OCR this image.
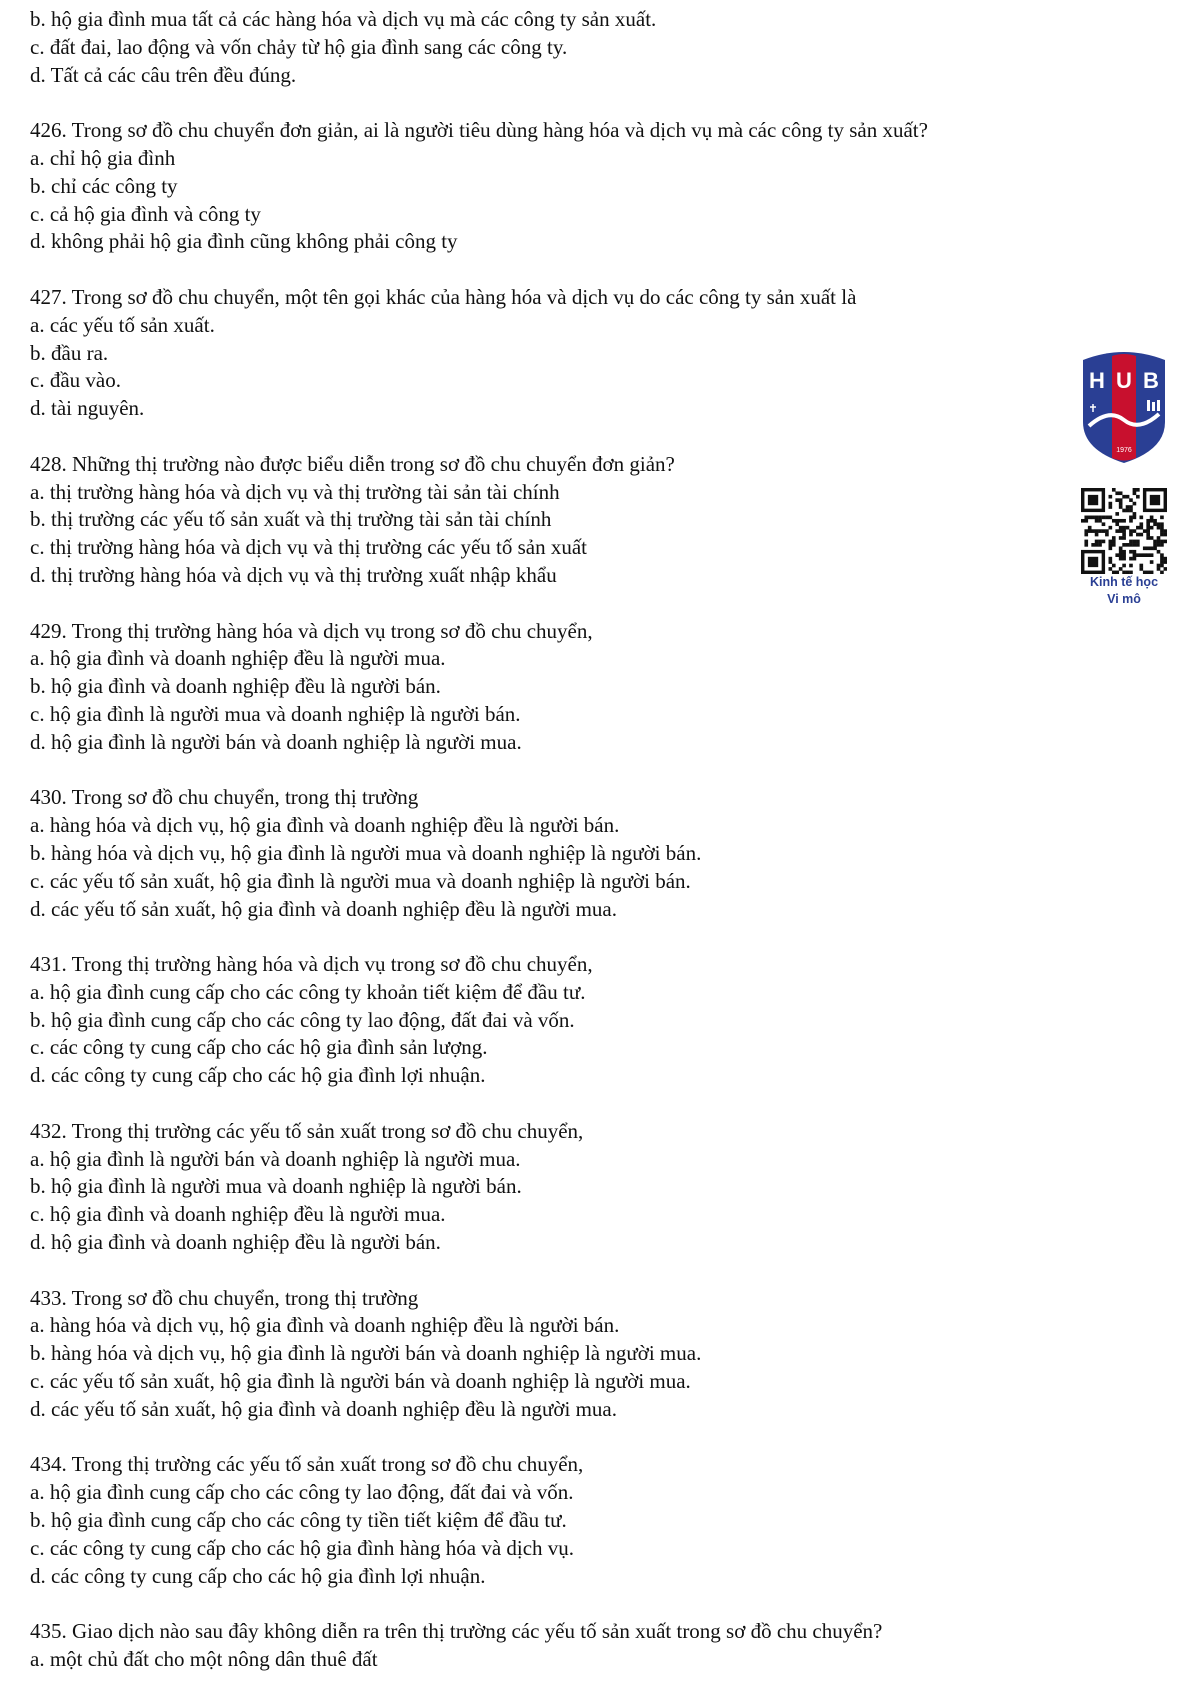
b. hộ gia đình mua tất cả các hàng hóa và dịch vụ mà các công ty sản xuất.
c. đất đai, lao động và vốn chảy từ hộ gia đình sang các công ty.
d. Tất cả các câu trên đều đúng.
426. Trong sơ đồ chu chuyển đơn giản, ai là người tiêu dùng hàng hóa và dịch vụ mà các công ty sản xuất?
a. chỉ hộ gia đình
b. chỉ các công ty
c. cả hộ gia đình và công ty
d. không phải hộ gia đình cũng không phải công ty
427. Trong sơ đồ chu chuyển, một tên gọi khác của hàng hóa và dịch vụ do các công ty sản xuất là
a. các yếu tố sản xuất.
b. đầu ra.
c. đầu vào.
d. tài nguyên.
428. Những thị trường nào được biểu diễn trong sơ đồ chu chuyển đơn giản?
a. thị trường hàng hóa và dịch vụ và thị trường tài sản tài chính
b. thị trường các yếu tố sản xuất và thị trường tài sản tài chính
c. thị trường hàng hóa và dịch vụ và thị trường các yếu tố sản xuất
d. thị trường hàng hóa và dịch vụ và thị trường xuất nhập khẩu
429. Trong thị trường hàng hóa và dịch vụ trong sơ đồ chu chuyển,
a. hộ gia đình và doanh nghiệp đều là người mua.
b. hộ gia đình và doanh nghiệp đều là người bán.
c. hộ gia đình là người mua và doanh nghiệp là người bán.
d. hộ gia đình là người bán và doanh nghiệp là người mua.
430. Trong sơ đồ chu chuyển, trong thị trường
a. hàng hóa và dịch vụ, hộ gia đình và doanh nghiệp đều là người bán.
b. hàng hóa và dịch vụ, hộ gia đình là người mua và doanh nghiệp là người bán.
c. các yếu tố sản xuất, hộ gia đình là người mua và doanh nghiệp là người bán.
d. các yếu tố sản xuất, hộ gia đình và doanh nghiệp đều là người mua.
431. Trong thị trường hàng hóa và dịch vụ trong sơ đồ chu chuyển,
a. hộ gia đình cung cấp cho các công ty khoản tiết kiệm để đầu tư.
b. hộ gia đình cung cấp cho các công ty lao động, đất đai và vốn.
c. các công ty cung cấp cho các hộ gia đình sản lượng.
d. các công ty cung cấp cho các hộ gia đình lợi nhuận.
432. Trong thị trường các yếu tố sản xuất trong sơ đồ chu chuyển,
a. hộ gia đình là người bán và doanh nghiệp là người mua.
b. hộ gia đình là người mua và doanh nghiệp là người bán.
c. hộ gia đình và doanh nghiệp đều là người mua.
d. hộ gia đình và doanh nghiệp đều là người bán.
433. Trong sơ đồ chu chuyển, trong thị trường
a. hàng hóa và dịch vụ, hộ gia đình và doanh nghiệp đều là người bán.
b. hàng hóa và dịch vụ, hộ gia đình là người bán và doanh nghiệp là người mua.
c. các yếu tố sản xuất, hộ gia đình là người bán và doanh nghiệp là người mua.
d. các yếu tố sản xuất, hộ gia đình và doanh nghiệp đều là người mua.
434. Trong thị trường các yếu tố sản xuất trong sơ đồ chu chuyển,
a. hộ gia đình cung cấp cho các công ty lao động, đất đai và vốn.
b. hộ gia đình cung cấp cho các công ty tiền tiết kiệm để đầu tư.
c. các công ty cung cấp cho các hộ gia đình hàng hóa và dịch vụ.
d. các công ty cung cấp cho các hộ gia đình lợi nhuận.
435. Giao dịch nào sau đây không diễn ra trên thị trường các yếu tố sản xuất trong sơ đồ chu chuyển?
a. một chủ đất cho một nông dân thuê đất
H U B
1976
Kinh tế học
Vi mô
